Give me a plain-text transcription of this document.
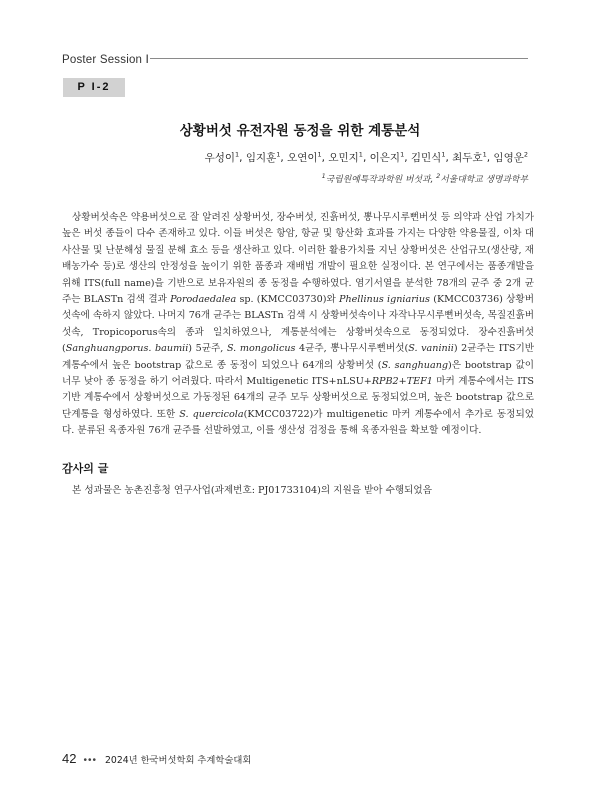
Poster Session Ⅰ
P I-2
상황버섯 유전자원 동정을 위한 계통분석
우성이$^1$, 임지훈$^1$, 오연이$^1$, 오민지$^1$, 이은지$^1$, 김민식$^1$, 최두호$^1$, 임영운$^2$
$^1$국립원예특작과학원 버섯과, $^2$서울대학교 생명과학부

상황버섯속은 약용버섯으로 잘 알려진 상황버섯, 장수버섯, 진흙버섯, 뽕나무시루뻔버섯 등 의약과 산업 가치가 높은 버섯 종들이 다수 존재하고 있다. 이들 버섯은 항암, 항균 및 항산화 효과를 가지는 다양한 약용물질, 이차 대사산물 및 난분해성 물질 분해 효소 등을 생산하고 있다. 이러한 활용가치를 지닌 상황버섯은 산업규모(생산량, 재배농가수 등)로 생산의 안정성을 높이기 위한 품종과 재배법 개발이 필요한 실정이다. 본 연구에서는 품종개발을 위해 ITS(full name)을 기반으로 보유자원의 종 동정을 수행하였다. 염기서열을 분석한 78개의 균주 중 2개 균주는 BLASTn 검색 결과 Porodaedalea sp. (KMCC03730)와 Phellinus igniarius (KMCC03736) 상황버섯속에 속하지 않았다. 나머지 76개 균주는 BLASTn 검색 시 상황버섯속이나 자작나무시루뻔버섯속, 목질진흙버섯속, Tropicoporus속의 종과 일치하였으나, 계통분석에는 상황버섯속으로 동정되었다. 장수진흙버섯(Sanghuangporus. baumii) 5균주, S. mongolicus 4균주, 뽕나무시루뻔버섯(S. vaninii) 2균주는 ITS기반 계통수에서 높은 bootstrap 값으로 종 동정이 되었으나 64개의 상황버섯 (S. sanghuang)은 bootstrap 값이 너무 낮아 종 동정을 하기 어려웠다. 따라서 Multigenetic ITS+nLSU+RPB2+TEF1 마커 계통수에서는 ITS 기반 계통수에서 상황버섯으로 가동정된 64개의 균주 모두 상황버섯으로 동정되었으며, 높은 bootstrap 값으로 단계통을 형성하였다. 또한 S. quercicola(KMCC03722)가 multigenetic 마커 계통수에서 추가로 동정되었다. 분류된 육종자원 76개 균주를 선발하였고, 이를 생산성 검정을 통해 육종자원을 확보할 예정이다.

감사의 글
본 성과물은 농촌진흥청 연구사업(과제번호: PJ01733104)의 지원을 받아 수행되었음
42 ••• 2024년 한국버섯학회 추계학술대회
